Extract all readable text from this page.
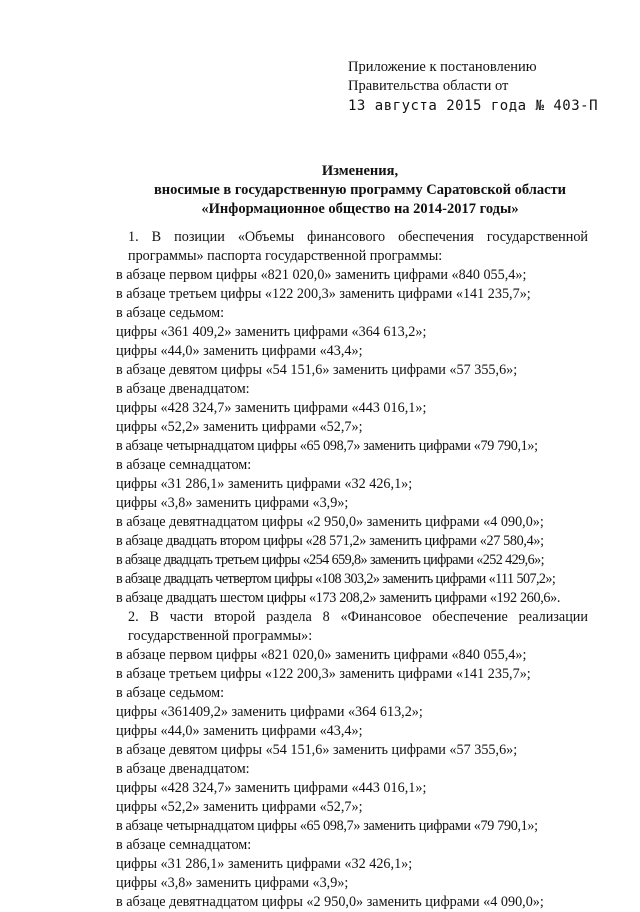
Приложение к постановлению
Правительства области от
13 августа 2015 года № 403-П
Изменения,
вносимые в государственную программу Саратовской области
«Информационное общество на 2014-2017 годы»
1. В позиции «Объемы финансового обеспечения государственной программы» паспорта государственной программы:
в абзаце первом цифры «821 020,0» заменить цифрами «840 055,4»;
в абзаце третьем цифры «122 200,3» заменить цифрами «141 235,7»;
в абзаце седьмом:
цифры «361 409,2» заменить цифрами «364 613,2»;
цифры «44,0» заменить цифрами «43,4»;
в абзаце девятом цифры «54 151,6» заменить цифрами «57 355,6»;
в абзаце двенадцатом:
цифры «428 324,7» заменить цифрами «443 016,1»;
цифры «52,2» заменить цифрами «52,7»;
в абзаце четырнадцатом цифры «65 098,7» заменить цифрами «79 790,1»;
в абзаце семнадцатом:
цифры «31 286,1» заменить цифрами «32 426,1»;
цифры «3,8» заменить цифрами «3,9»;
в абзаце девятнадцатом цифры «2 950,0» заменить цифрами «4 090,0»;
в абзаце двадцать втором цифры «28 571,2» заменить цифрами «27 580,4»;
в абзаце двадцать третьем цифры «254 659,8» заменить цифрами «252 429,6»;
в абзаце двадцать четвертом цифры «108 303,2» заменить цифрами «111 507,2»;
в абзаце двадцать шестом цифры «173 208,2» заменить цифрами «192 260,6».
2. В части второй раздела 8 «Финансовое обеспечение реализации государственной программы»:
в абзаце первом цифры «821 020,0» заменить цифрами «840 055,4»;
в абзаце третьем цифры «122 200,3» заменить цифрами «141 235,7»;
в абзаце седьмом:
цифры «361409,2» заменить цифрами «364 613,2»;
цифры «44,0» заменить цифрами «43,4»;
в абзаце девятом цифры «54 151,6» заменить цифрами «57 355,6»;
в абзаце двенадцатом:
цифры «428 324,7» заменить цифрами «443 016,1»;
цифры «52,2» заменить цифрами «52,7»;
в абзаце четырнадцатом цифры «65 098,7» заменить цифрами «79 790,1»;
в абзаце семнадцатом:
цифры «31 286,1» заменить цифрами «32 426,1»;
цифры «3,8» заменить цифрами «3,9»;
в абзаце девятнадцатом цифры «2 950,0» заменить цифрами «4 090,0»;
